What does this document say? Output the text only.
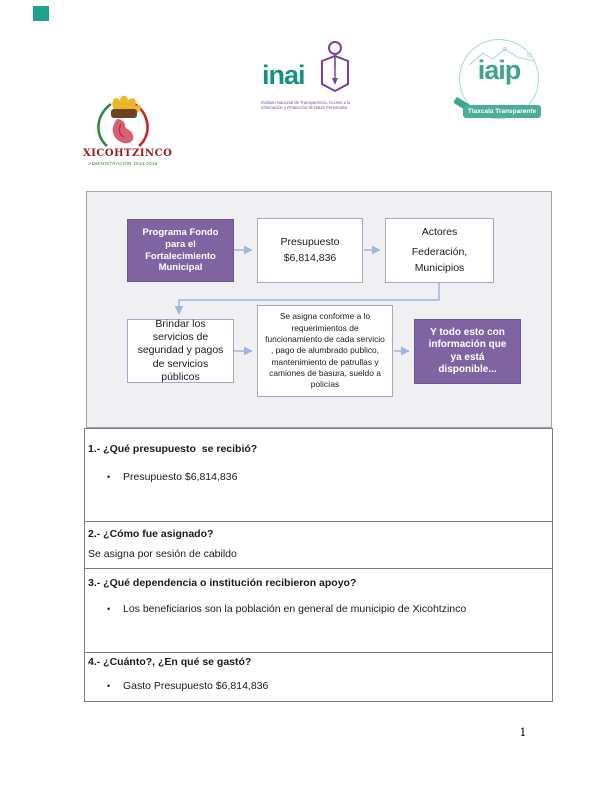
inai
Instituto Nacional de Transparencia, Acceso a la
Información y Protección de Datos Personales.
iaip
Tlaxcala Transparente
XICOHTZINCO
ADMINISTRACIÓN 2014-2016
Programa Fondo para el Fortalecimiento Municipal
Presupuesto
$6,814,836
Actores
Federación,
Municipios
Brindar los servicios de seguridad y pagos de servicios públicos
Se asigna conforme a lo requerimientos de funcionamiento de cada servicio , pago de alumbrado publico, mantenimiento de patrullas y camiones de basura, sueldo a policías
Y todo esto con información que ya está disponible...
1.- ¿Qué presupuesto  se recibió?
• Presupuesto $6,814,836
2.- ¿Cómo fue asignado?
Se asigna por sesión de cabildo
3.- ¿Qué dependencia o institución recibieron apoyo?
• Los beneficiarios son la población en general de municipio de Xicohtzinco
4.- ¿Cuánto?, ¿En qué se gastó?
• Gasto Presupuesto $6,814,836
1
